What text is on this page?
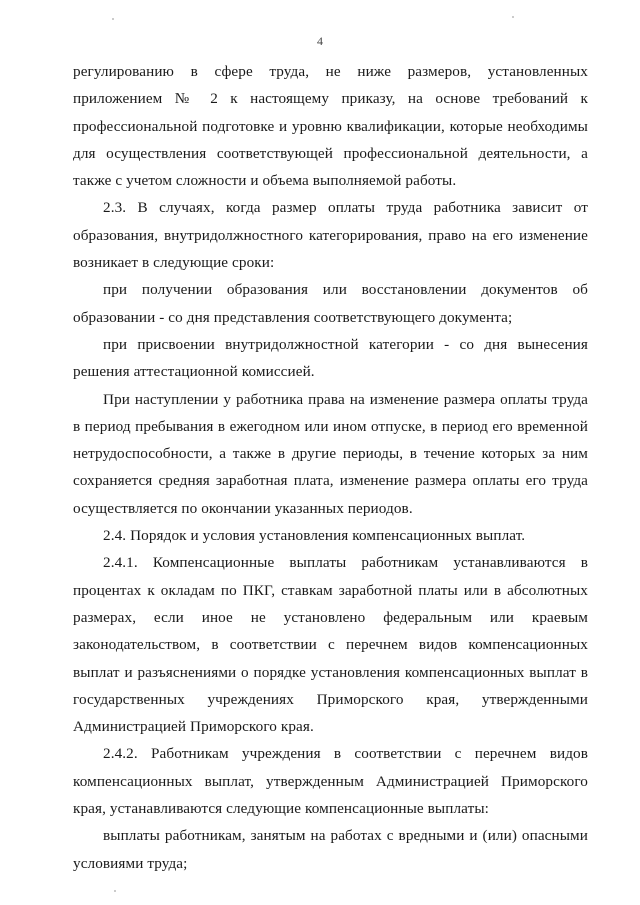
4

регулированию в сфере труда, не ниже размеров, установленных приложением № 2 к настоящему приказу, на основе требований к профессиональной подготовке и уровню квалификации, которые необходимы для осуществления соответствующей профессиональной деятельности, а также с учетом сложности и объема выполняемой работы.

2.3. В случаях, когда размер оплаты труда работника зависит от образования, внутридолжностного категорирования, право на его изменение возникает в следующие сроки:

при получении образования или восстановлении документов об образовании - со дня представления соответствующего документа;

при присвоении внутридолжностной категории - со дня вынесения решения аттестационной комиссией.

При наступлении у работника права на изменение размера оплаты труда в период пребывания в ежегодном или ином отпуске, в период его временной нетрудоспособности, а также в другие периоды, в течение которых за ним сохраняется средняя заработная плата, изменение размера оплаты его труда осуществляется по окончании указанных периодов.

2.4. Порядок и условия установления компенсационных выплат.

2.4.1. Компенсационные выплаты работникам устанавливаются в процентах к окладам по ПКГ, ставкам заработной платы или в абсолютных размерах, если иное не установлено федеральным или краевым законодательством, в соответствии с перечнем видов компенсационных выплат и разъяснениями о порядке установления компенсационных выплат в государственных учреждениях Приморского края, утвержденными Администрацией Приморского края.

2.4.2. Работникам учреждения в соответствии с перечнем видов компенсационных выплат, утвержденным Администрацией Приморского края, устанавливаются следующие компенсационные выплаты:

выплаты работникам, занятым на работах с вредными и (или) опасными условиями труда;
